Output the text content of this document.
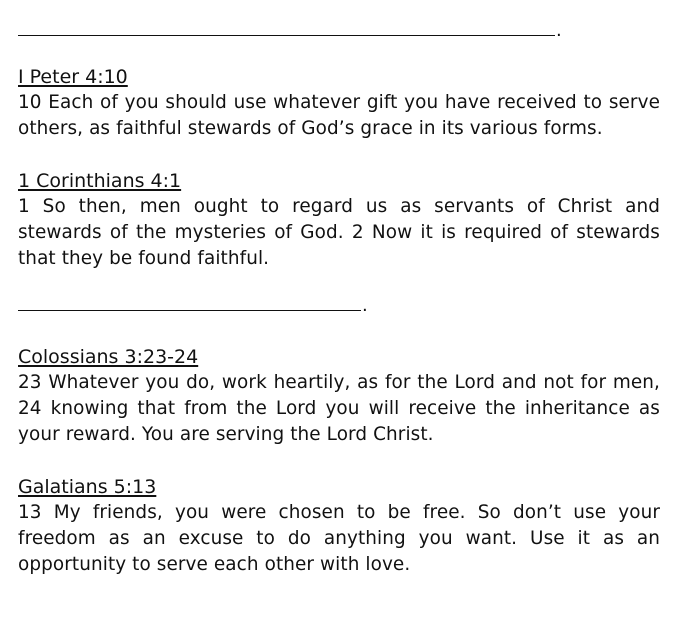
.
I Peter 4:10
10 Each of you should use whatever gift you have received to serve others, as faithful stewards of God’s grace in its various forms.
1 Corinthians 4:1
1 So then, men ought to regard us as servants of Christ and stewards of the mysteries of God. 2 Now it is required of stewards that they be found faithful.
.
Colossians 3:23-24
23 Whatever you do, work heartily, as for the Lord and not for men, 24 knowing that from the Lord you will receive the inheritance as your reward. You are serving the Lord Christ.
Galatians 5:13
13 My friends, you were chosen to be free. So don’t use your freedom as an excuse to do anything you want. Use it as an opportunity to serve each other with love.
